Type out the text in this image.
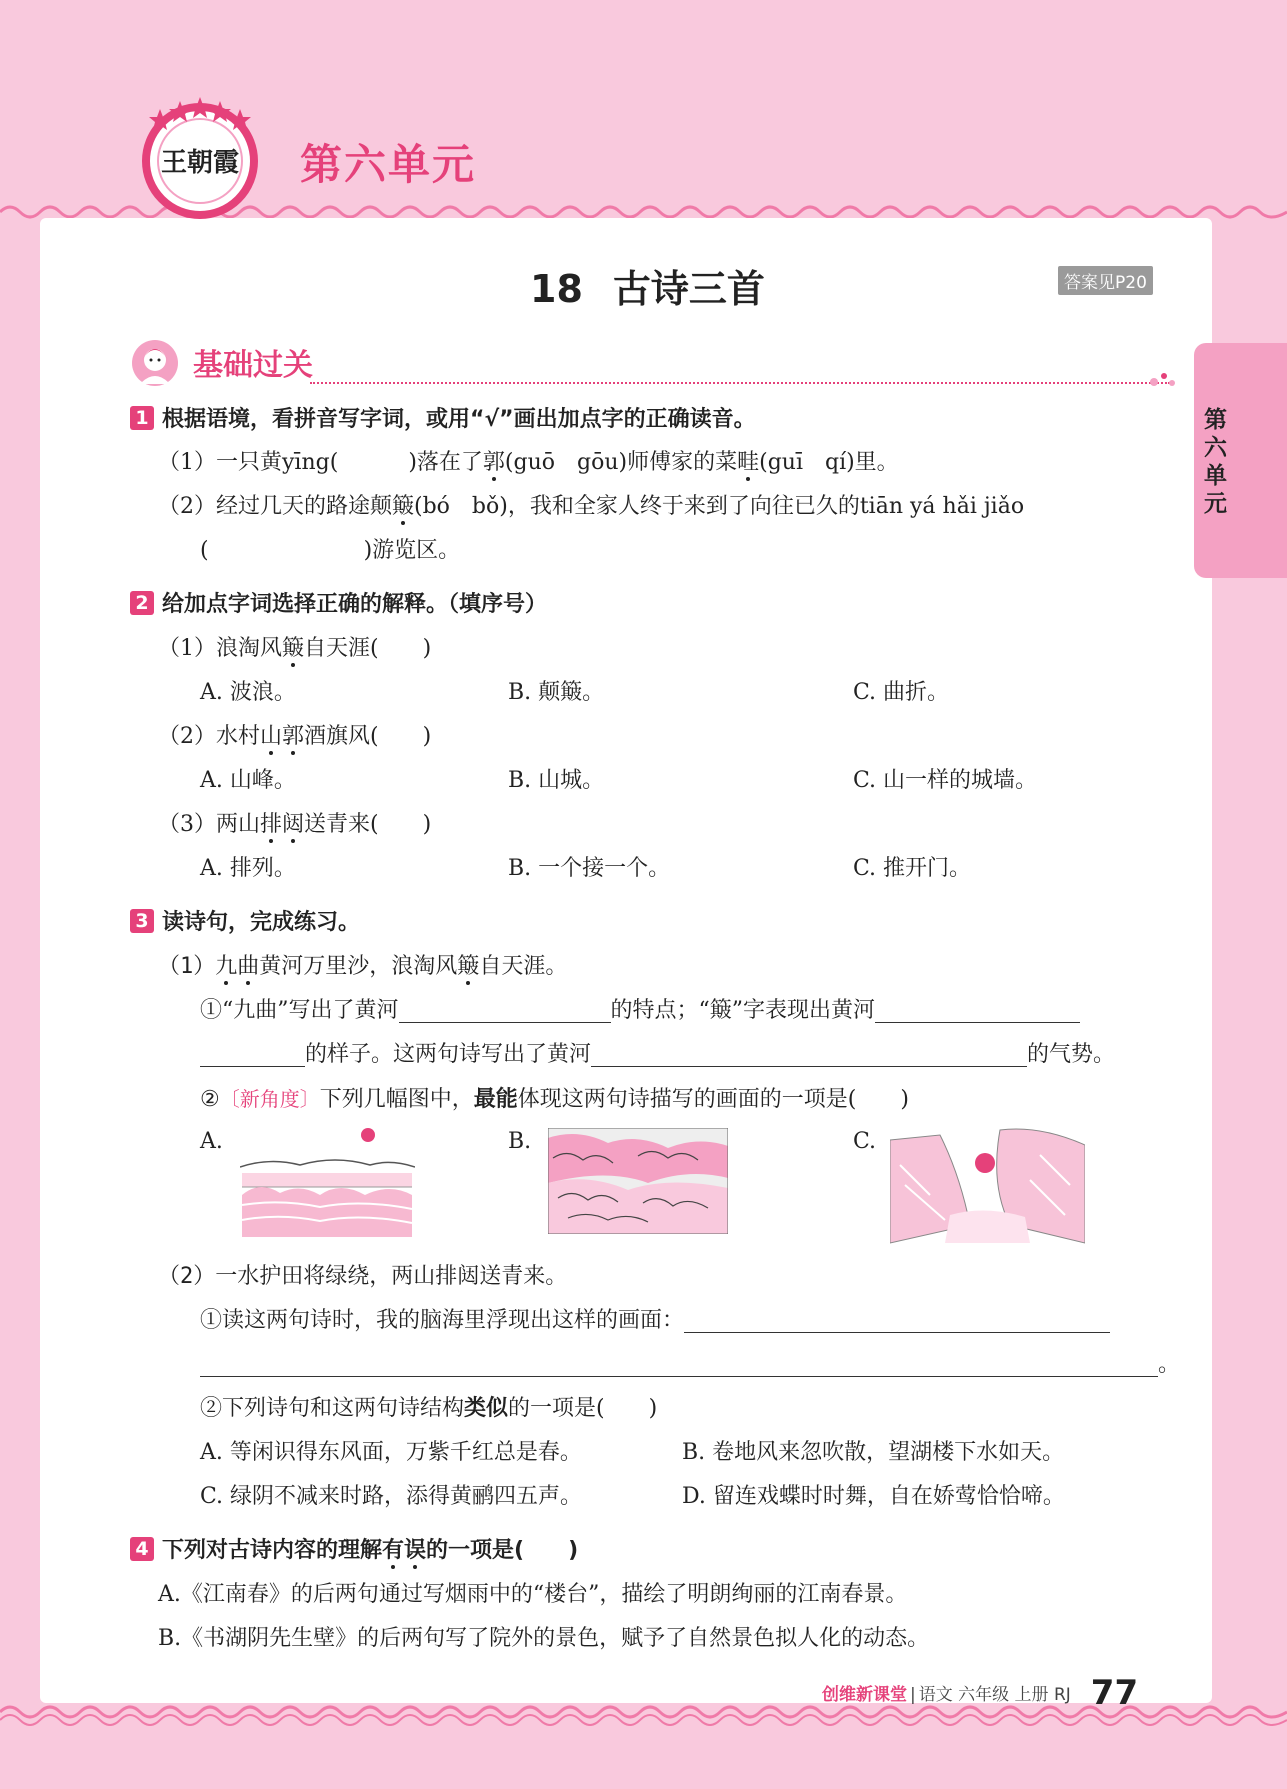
王朝霞 第六单元
18 古诗三首	答案见P20
第六单元
基础过关
1 根据语境，看拼音写字词，或用“√”画出加点字的正确读音。
（1）一只黄yīng(	)落在了郭(guō　gōu)师傅家的菜畦(guī　qí)里。
（2）经过几天的路途颠簸(bó　bǒ)，我和全家人终于来到了向往已久的tiān yá hǎi jiǎo
(	)游览区。
2 给加点字词选择正确的解释。（填序号）
（1）浪淘风簸自天涯(　　)
A. 波浪。	B. 颠簸。	C. 曲折。
（2）水村山郭酒旗风(　　)
A. 山峰。	B. 山城。	C. 山一样的城墙。
（3）两山排闼送青来(　　)
A. 排列。	B. 一个接一个。	C. 推开门。
3 读诗句，完成练习。
（1）九曲黄河万里沙，浪淘风簸自天涯。
①“九曲”写出了黄河	的特点；“簸”字表现出黄河
的样子。这两句诗写出了黄河	的气势。
②〔新角度〕下列几幅图中，最能体现这两句诗描写的画面的一项是(　　)
A.	B.	C.
（2）一水护田将绿绕，两山排闼送青来。
①读这两句诗时，我的脑海里浮现出这样的画面：
。
②下列诗句和这两句诗结构类似的一项是(　　)
A. 等闲识得东风面，万紫千红总是春。	B. 卷地风来忽吹散，望湖楼下水如天。
C. 绿阴不减来时路，添得黄鹂四五声。	D. 留连戏蝶时时舞，自在娇莺恰恰啼。
4 下列对古诗内容的理解有误的一项是(　　)
A.《江南春》的后两句通过写烟雨中的“楼台”，描绘了明朗绚丽的江南春景。
B.《书湖阴先生壁》的后两句写了院外的景色，赋予了自然景色拟人化的动态。
创维新课堂 | 语文 六年级 上册 RJ 77
